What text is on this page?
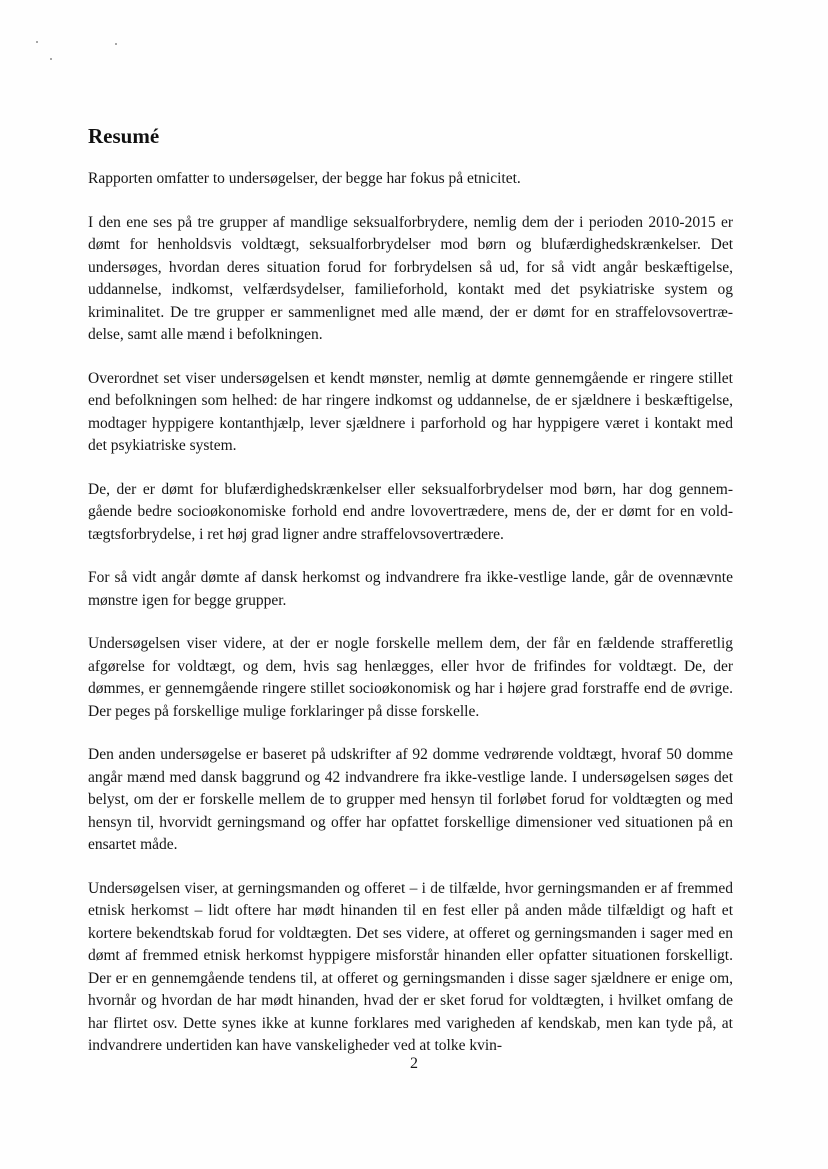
Resumé

Rapporten omfatter to undersøgelser, der begge har fokus på etnicitet.

I den ene ses på tre grupper af mandlige seksualforbrydere, nemlig dem der i perioden 2010-2015 er dømt for henholdsvis voldtægt, seksualforbrydelser mod børn og blufærdighedskrænkelser. Det undersøges, hvordan deres situation forud for forbrydelsen så ud, for så vidt angår beskæftigelse, uddannelse, indkomst, velfærdsydelser, familieforhold, kontakt med det psykiatriske system og kriminalitet. De tre grupper er sammenlignet med alle mænd, der er dømt for en straffelovsovertrædelse, samt alle mænd i befolkningen.

Overordnet set viser undersøgelsen et kendt mønster, nemlig at dømte gennemgående er ringere stillet end befolkningen som helhed: de har ringere indkomst og uddannelse, de er sjældnere i beskæftigelse, modtager hyppigere kontanthjælp, lever sjældnere i parforhold og har hyppigere været i kontakt med det psykiatriske system.

De, der er dømt for blufærdighedskrænkelser eller seksualforbrydelser mod børn, har dog gennemgående bedre socioøkonomiske forhold end andre lovovertrædere, mens de, der er dømt for en voldtægtsforbrydelse, i ret høj grad ligner andre straffelovsovertrædere.

For så vidt angår dømte af dansk herkomst og indvandrere fra ikke-vestlige lande, går de ovennævnte mønstre igen for begge grupper.

Undersøgelsen viser videre, at der er nogle forskelle mellem dem, der får en fældende strafferetlig afgørelse for voldtægt, og dem, hvis sag henlægges, eller hvor de frifindes for voldtægt. De, der dømmes, er gennemgående ringere stillet socioøkonomisk og har i højere grad forstraffe end de øvrige. Der peges på forskellige mulige forklaringer på disse forskelle.

Den anden undersøgelse er baseret på udskrifter af 92 domme vedrørende voldtægt, hvoraf 50 domme angår mænd med dansk baggrund og 42 indvandrere fra ikke-vestlige lande. I undersøgelsen søges det belyst, om der er forskelle mellem de to grupper med hensyn til forløbet forud for voldtægten og med hensyn til, hvorvidt gerningsmand og offer har opfattet forskellige dimensioner ved situationen på en ensartet måde.

Undersøgelsen viser, at gerningsmanden og offeret – i de tilfælde, hvor gerningsmanden er af fremmed etnisk herkomst – lidt oftere har mødt hinanden til en fest eller på anden måde tilfældigt og haft et kortere bekendtskab forud for voldtægten. Det ses videre, at offeret og gerningsmanden i sager med en dømt af fremmed etnisk herkomst hyppigere misforstår hinanden eller opfatter situationen forskelligt. Der er en gennemgående tendens til, at offeret og gerningsmanden i disse sager sjældnere er enige om, hvornår og hvordan de har mødt hinanden, hvad der er sket forud for voldtægten, i hvilket omfang de har flirtet osv. Dette synes ikke at kunne forklares med varigheden af kendskab, men kan tyde på, at indvandrere undertiden kan have vanskeligheder ved at tolke kvin-

2
